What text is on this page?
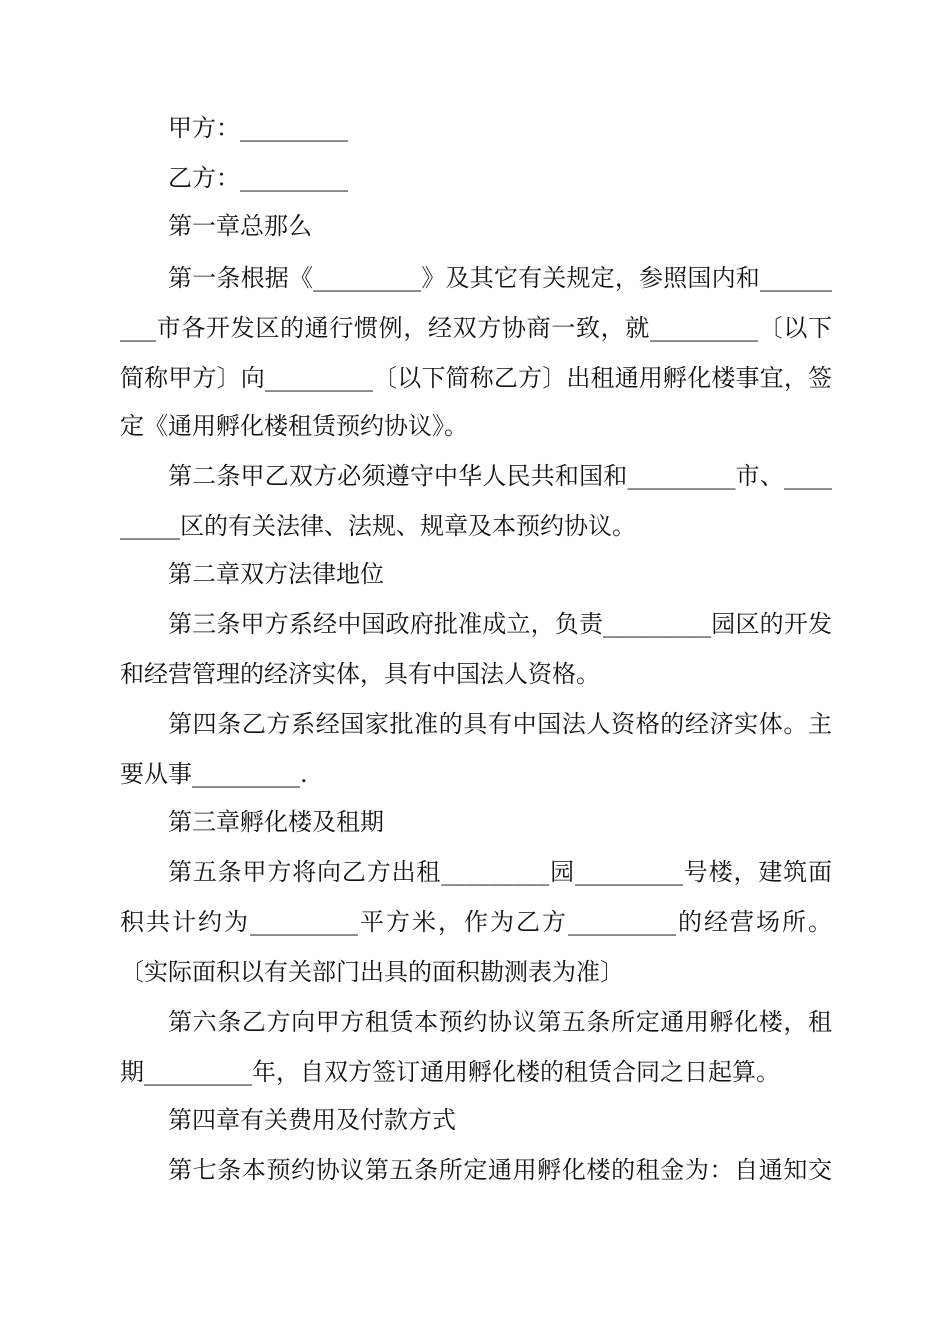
甲方：_________
乙方：_________
第一章总那么
第一条根据《_________》及其它有关规定，参照国内和______
___市各开发区的通行惯例，经双方协商一致，就_________〔以下
简称甲方〕向_________〔以下简称乙方〕出租通用孵化楼事宜，签
定《通用孵化楼租赁预约协议》。
第二条甲乙双方必须遵守中华人民共和国和_________市、____
_____区的有关法律、法规、规章及本预约协议。
第二章双方法律地位
第三条甲方系经中国政府批准成立，负责_________园区的开发
和经营管理的经济实体，具有中国法人资格。
第四条乙方系经国家批准的具有中国法人资格的经济实体。主
要从事_________.
第三章孵化楼及租期
第五条甲方将向乙方出租_________园_________号楼，建筑面
积共计约为_________平方米，作为乙方_________的经营场所。
〔实际面积以有关部门出具的面积勘测表为准〕
第六条乙方向甲方租赁本预约协议第五条所定通用孵化楼，租
期_________年，自双方签订通用孵化楼的租赁合同之日起算。
第四章有关费用及付款方式
第七条本预约协议第五条所定通用孵化楼的租金为：自通知交
